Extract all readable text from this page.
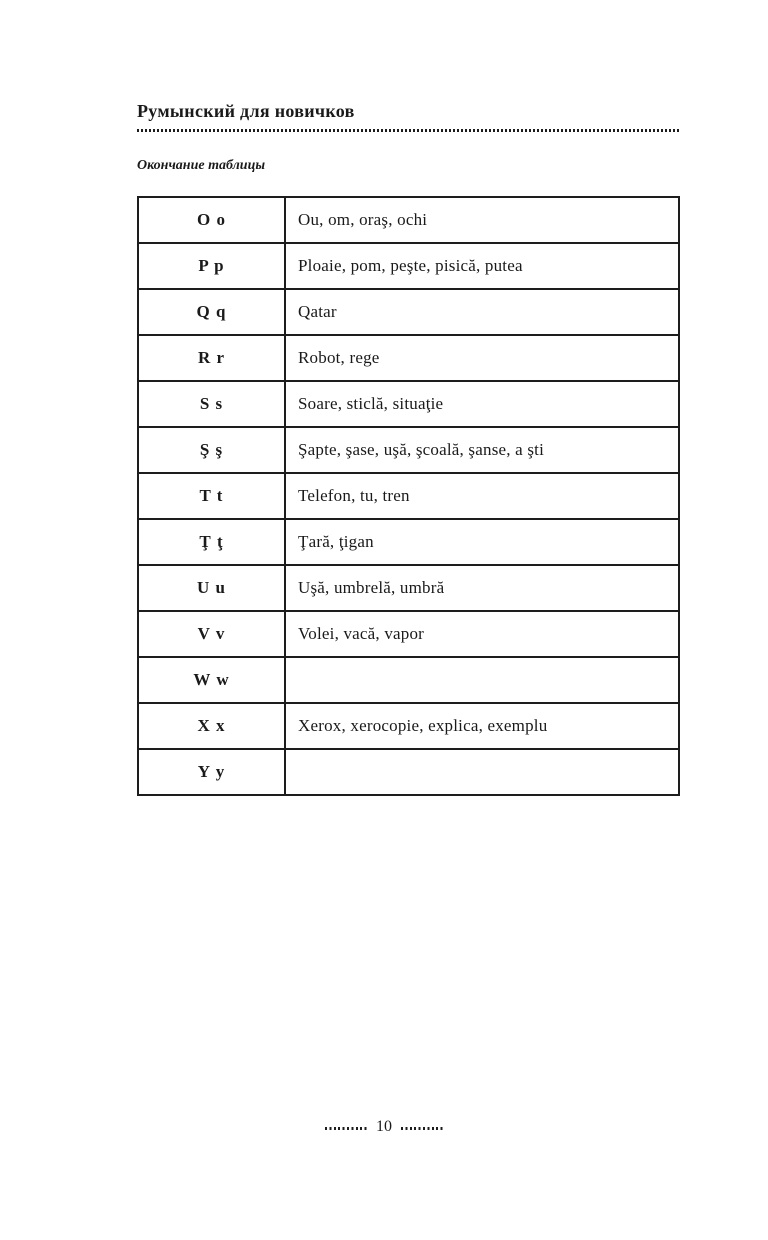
Румынский для новичков
Окончание таблицы
O o	Ou, om, oraş, ochi
P p	Ploaie, pom, peşte, pisică, putea
Q q	Qatar
R r	Robot, rege
S s	Soare, sticlă, situaţie
Ş ş	Şapte, şase, uşă, şcoală, şanse, a şti
T t	Telefon, tu, tren
Ţ ţ	Ţară, ţigan
U u	Uşă, umbrelă, umbră
V v	Volei, vacă, vapor
W w	
X x	Xerox, xerocopie, explica, exemplu
Y y	
10
